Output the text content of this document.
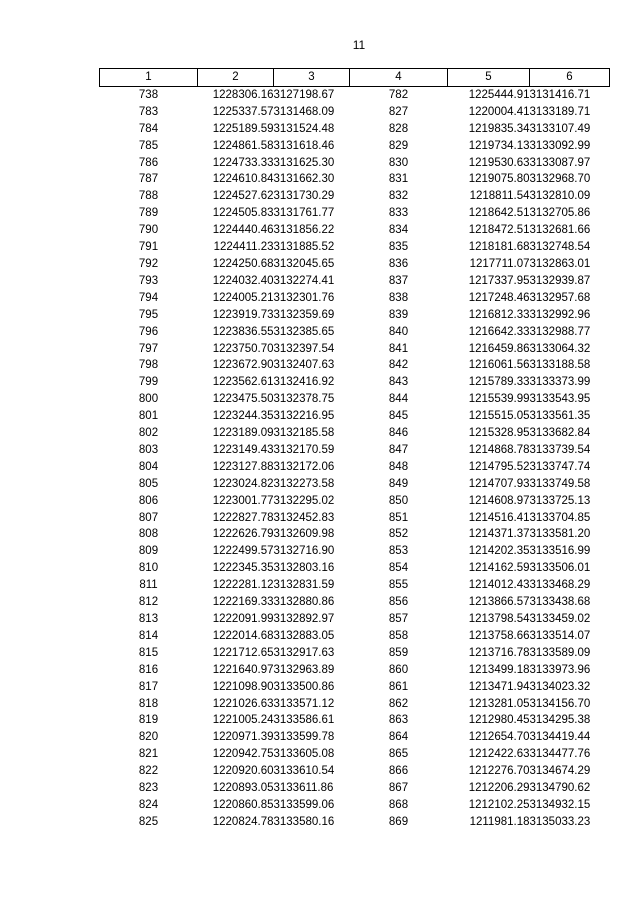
11
1	2	3	4	5	6
738	1228306.16	3127198.67	782	1225444.91	3131416.71
783	1225337.57	3131468.09	827	1220004.41	3133189.71
784	1225189.59	3131524.48	828	1219835.34	3133107.49
785	1224861.58	3131618.46	829	1219734.13	3133092.99
786	1224733.33	3131625.30	830	1219530.63	3133087.97
787	1224610.84	3131662.30	831	1219075.80	3132968.70
788	1224527.62	3131730.29	832	1218811.54	3132810.09
789	1224505.83	3131761.77	833	1218642.51	3132705.86
790	1224440.46	3131856.22	834	1218472.51	3132681.66
791	1224411.23	3131885.52	835	1218181.68	3132748.54
792	1224250.68	3132045.65	836	1217711.07	3132863.01
793	1224032.40	3132274.41	837	1217337.95	3132939.87
794	1224005.21	3132301.76	838	1217248.46	3132957.68
795	1223919.73	3132359.69	839	1216812.33	3132992.96
796	1223836.55	3132385.65	840	1216642.33	3132988.77
797	1223750.70	3132397.54	841	1216459.86	3133064.32
798	1223672.90	3132407.63	842	1216061.56	3133188.58
799	1223562.61	3132416.92	843	1215789.33	3133373.99
800	1223475.50	3132378.75	844	1215539.99	3133543.95
801	1223244.35	3132216.95	845	1215515.05	3133561.35
802	1223189.09	3132185.58	846	1215328.95	3133682.84
803	1223149.43	3132170.59	847	1214868.78	3133739.54
804	1223127.88	3132172.06	848	1214795.52	3133747.74
805	1223024.82	3132273.58	849	1214707.93	3133749.58
806	1223001.77	3132295.02	850	1214608.97	3133725.13
807	1222827.78	3132452.83	851	1214516.41	3133704.85
808	1222626.79	3132609.98	852	1214371.37	3133581.20
809	1222499.57	3132716.90	853	1214202.35	3133516.99
810	1222345.35	3132803.16	854	1214162.59	3133506.01
811	1222281.12	3132831.59	855	1214012.43	3133468.29
812	1222169.33	3132880.86	856	1213866.57	3133438.68
813	1222091.99	3132892.97	857	1213798.54	3133459.02
814	1222014.68	3132883.05	858	1213758.66	3133514.07
815	1221712.65	3132917.63	859	1213716.78	3133589.09
816	1221640.97	3132963.89	860	1213499.18	3133973.96
817	1221098.90	3133500.86	861	1213471.94	3134023.32
818	1221026.63	3133571.12	862	1213281.05	3134156.70
819	1221005.24	3133586.61	863	1212980.45	3134295.38
820	1220971.39	3133599.78	864	1212654.70	3134419.44
821	1220942.75	3133605.08	865	1212422.63	3134477.76
822	1220920.60	3133610.54	866	1212276.70	3134674.29
823	1220893.05	3133611.86	867	1212206.29	3134790.62
824	1220860.85	3133599.06	868	1212102.25	3134932.15
825	1220824.78	3133580.16	869	1211981.18	3135033.23
